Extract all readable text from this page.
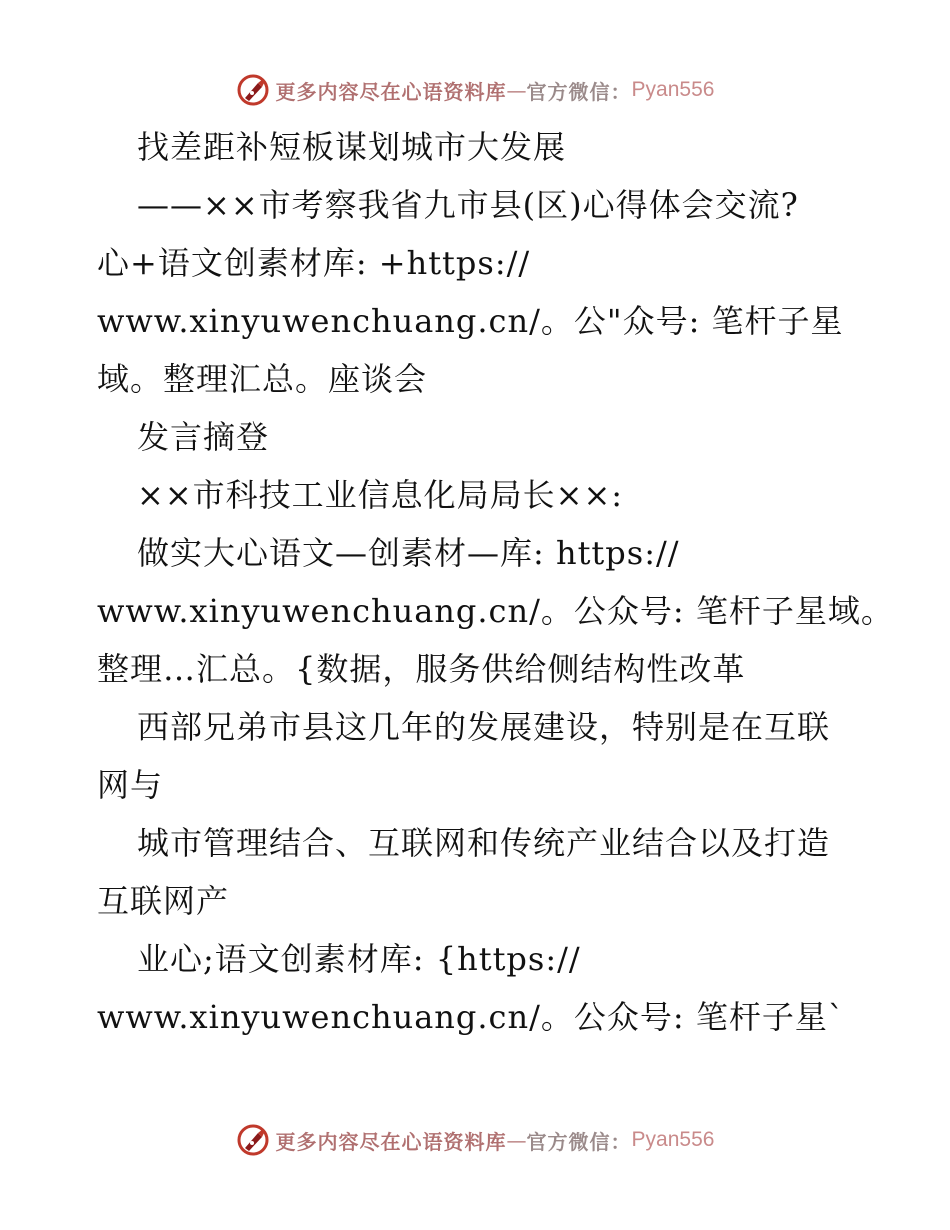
更多内容尽在心语资料库 — 官方微信： Pyan556
找差距补短板谋划城市大发展
——××市考察我省九市县(区)心得体会交流?
心+语文创素材库: +https://
www.xinyuwenchuang.cn/。公"众号: 笔杆子星
域。整理汇总。座谈会
发言摘登
××市科技工业信息化局局长××:
做实大心语文—创素材—库: https://
www.xinyuwenchuang.cn/。公众号: 笔杆子星域。
整理…汇总。{数据，服务供给侧结构性改革
西部兄弟市县这几年的发展建设，特别是在互联
网与
城市管理结合、互联网和传统产业结合以及打造
互联网产
业心;语文创素材库: {https://
www.xinyuwenchuang.cn/。公众号: 笔杆子星`
更多内容尽在心语资料库 — 官方微信： Pyan556
